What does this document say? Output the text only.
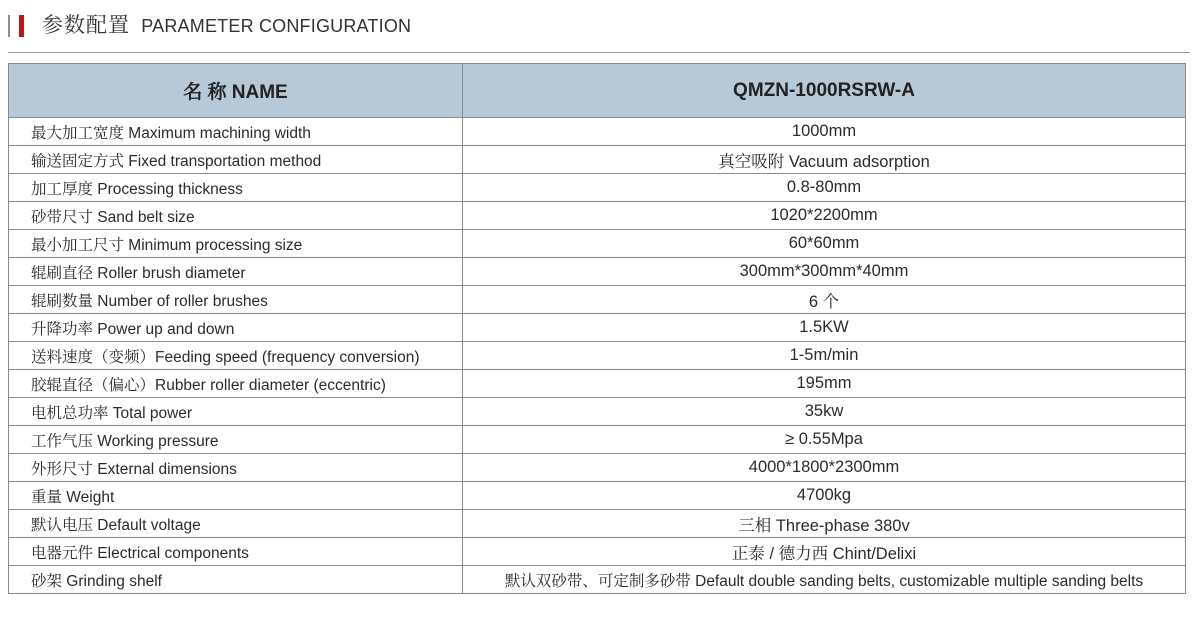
参数配置 PARAMETER CONFIGURATION
名 称 NAME	QMZN-1000RSRW-A
最大加工宽度 Maximum machining width	1000mm
输送固定方式 Fixed transportation method	真空吸附 Vacuum adsorption
加工厚度 Processing thickness	0.8-80mm
砂带尺寸 Sand belt size	1020*2200mm
最小加工尺寸 Minimum processing size	60*60mm
辊刷直径 Roller brush diameter	300mm*300mm*40mm
辊刷数量 Number of roller brushes	6 个
升降功率 Power up and down	1.5KW
送料速度（变频）Feeding speed (frequency conversion)	1-5m/min
胶辊直径（偏心）Rubber roller diameter (eccentric)	195mm
电机总功率 Total power	35kw
工作气压 Working pressure	≥ 0.55Mpa
外形尺寸 External dimensions	4000*1800*2300mm
重量 Weight	4700kg
默认电压 Default voltage	三相 Three-phase 380v
电器元件 Electrical components	正泰 / 德力西 Chint/Delixi
砂架 Grinding shelf	默认双砂带、可定制多砂带 Default double sanding belts, customizable multiple sanding belts
